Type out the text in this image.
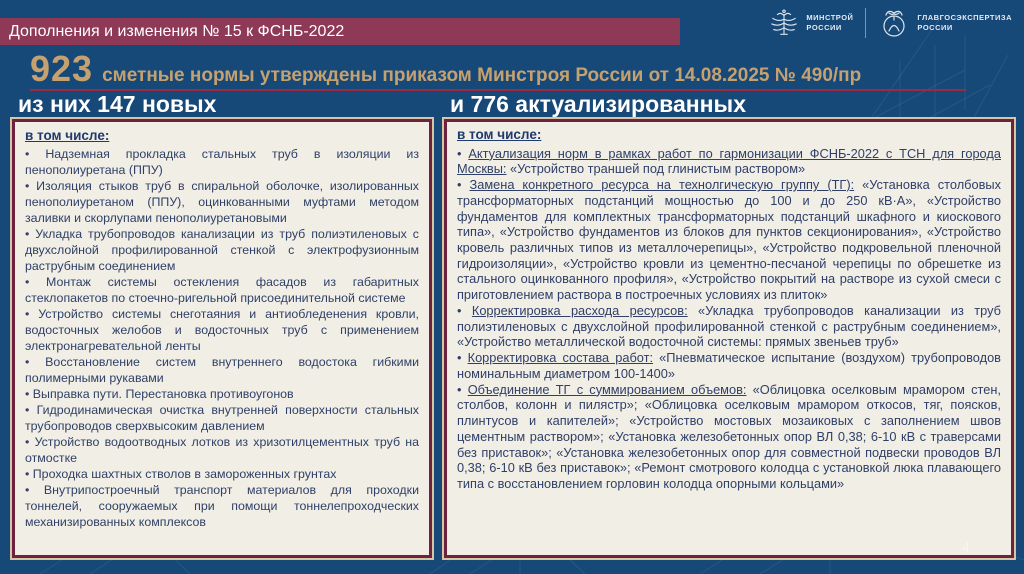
Дополнения и изменения № 15 к ФСНБ-2022
МИНСТРОЙ
РОССИИ
ГЛАВГОСЭКСПЕРТИЗА
РОССИИ
923 сметные нормы утверждены приказом Минстроя России от 14.08.2025 № 490/пр
из них 147 новых	и 776 актуализированных
в том числе:
• Надземная прокладка стальных труб в изоляции из пенополиуретана (ППУ)
• Изоляция стыков труб в спиральной оболочке, изолированных пенополиуретаном (ППУ), оцинкованными муфтами методом заливки и скорлупами пенополиуретановыми
• Укладка трубопроводов канализации из труб полиэтиленовых с двухслойной профилированной стенкой с электрофузионным раструбным соединением
• Монтаж системы остекления фасадов из габаритных стеклопакетов по стоечно-ригельной присоединительной системе
• Устройство системы снеготаяния и антиобледенения кровли, водосточных желобов и водосточных труб с применением электронагревательной ленты
• Восстановление систем внутреннего водостока гибкими полимерными рукавами
• Выправка пути. Перестановка противоугонов
• Гидродинамическая очистка внутренней поверхности стальных трубопроводов сверхвысоким давлением
• Устройство водоотводных лотков из хризотилцементных труб на отмостке
• Проходка шахтных стволов в замороженных грунтах
• Внутрипостроечный транспорт материалов для проходки тоннелей, сооружаемых при помощи тоннелепроходческих механизированных комплексов
в том числе:
• Актуализация норм в рамках работ по гармонизации ФСНБ-2022 с ТСН для города Москвы: «Устройство траншей под глинистым раствором»
• Замена конкретного ресурса на технолгическую группу (ТГ): «Установка столбовых трансформаторных подстанций мощностью до 100 и до 250 кВ·А», «Устройство фундаментов для комплектных трансформаторных подстанций шкафного и киоскового типа», «Устройство фундаментов из блоков для пунктов секционирования», «Устройство кровель различных типов из металлочерепицы», «Устройство подкровельной пленочной гидроизоляции», «Устройство кровли из цементно-песчаной черепицы по обрешетке из стального оцинкованного профиля», «Устройство покрытий на растворе из сухой смеси с приготовлением раствора в построечных условиях из плиток»
• Корректировка расхода ресурсов: «Укладка трубопроводов канализации из труб полиэтиленовых с двухслойной профилированной стенкой с раструбным соединением», «Устройство металлической водосточной системы: прямых звеньев труб»
• Корректировка состава работ: «Пневматическое испытание (воздухом) трубопроводов номинальным диаметром 100-1400»
• Объединение ТГ с суммированием объемов: «Облицовка оселковым мрамором стен, столбов, колонн и пилястр»; «Облицовка оселковым мрамором откосов, тяг, поясков, плинтусов и капителей»; «Устройство мостовых мозаиковых с заполнением швов цементным раствором»; «Установка железобетонных опор ВЛ 0,38; 6-10 кВ с траверсами без приставок»; «Установка железобетонных опор для совместной подвески проводов ВЛ 0,38; 6-10 кВ без приставок»; «Ремонт смотрового колодца с установкой люка плавающего типа с восстановлением горловин колодца опорными кольцами»
4
